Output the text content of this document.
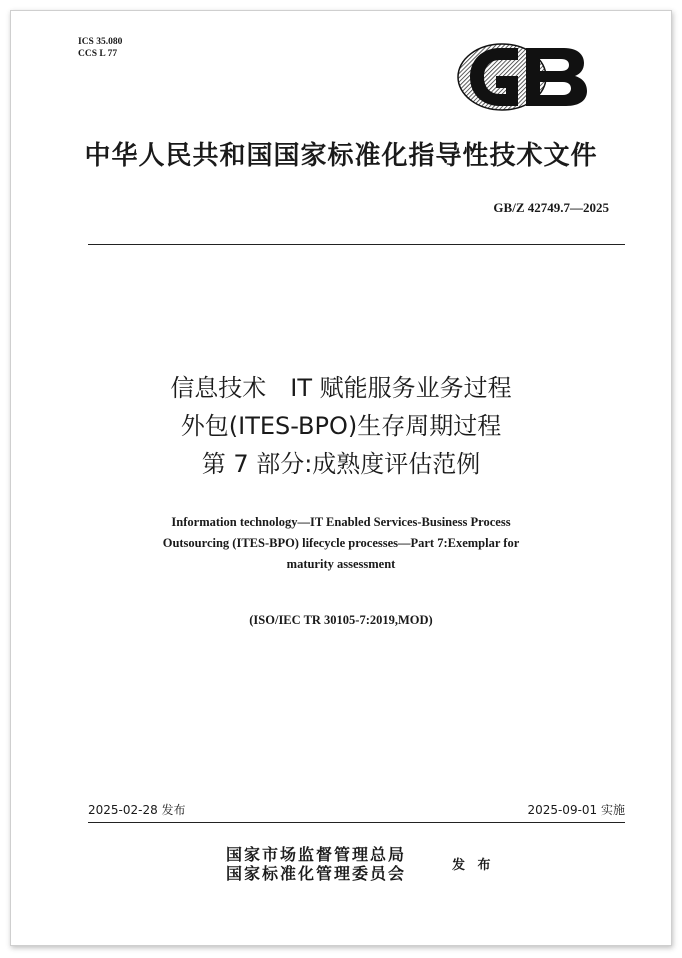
ICS 35.080
CCS L 77
中华人民共和国国家标准化指导性技术文件
GB/Z 42749.7—2025
信息技术　IT 赋能服务业务过程
外包(ITES-BPO)生存周期过程
第 7 部分:成熟度评估范例
Information technology—IT Enabled Services-Business Process
Outsourcing (ITES-BPO) lifecycle processes—Part 7:Exemplar for
maturity assessment
(ISO/IEC TR 30105-7:2019,MOD)
2025-02-28 发布	2025-09-01 实施
国家市场监督管理总局
国家标准化管理委员会	发 布
